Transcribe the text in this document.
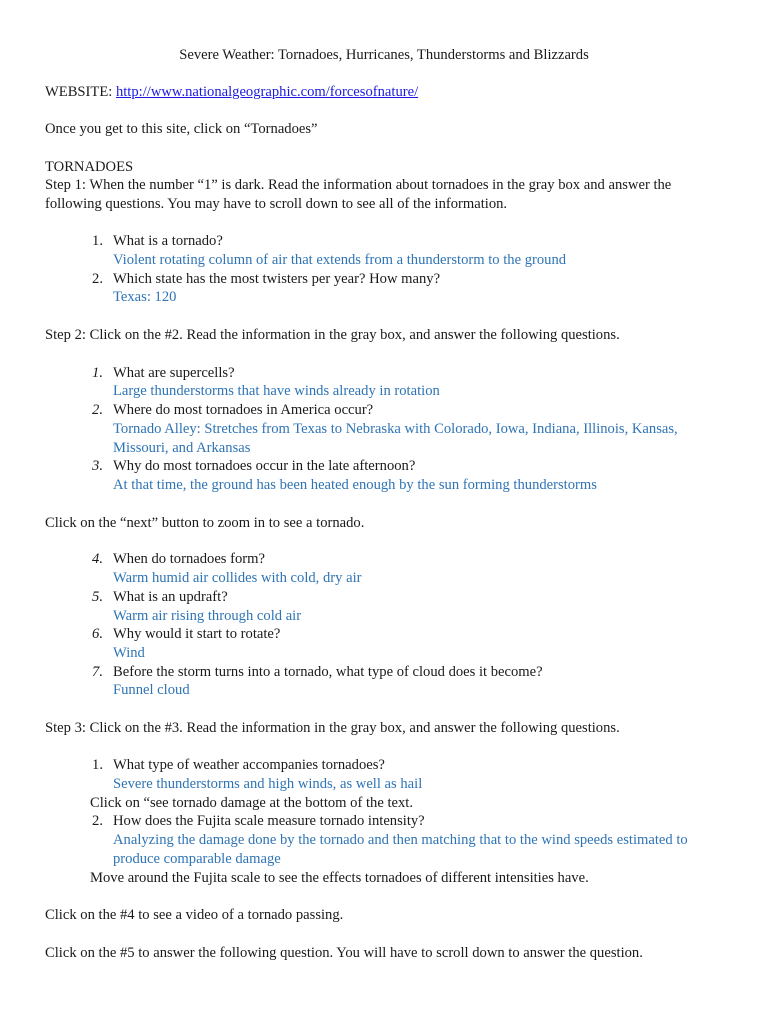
Severe Weather: Tornadoes, Hurricanes, Thunderstorms and Blizzards
WEBSITE: http://www.nationalgeographic.com/forcesofnature/
Once you get to this site, click on “Tornadoes”
TORNADOES
Step 1: When the number “1” is dark. Read the information about tornadoes in the gray box and answer the
following questions. You may have to scroll down to see all of the information.
1. What is a tornado?
Violent rotating column of air that extends from a thunderstorm to the ground
2. Which state has the most twisters per year? How many?
Texas: 120
Step 2: Click on the #2. Read the information in the gray box, and answer the following questions.
1. What are supercells?
Large thunderstorms that have winds already in rotation
2. Where do most tornadoes in America occur?
Tornado Alley: Stretches from Texas to Nebraska with Colorado, Iowa, Indiana, Illinois, Kansas,
Missouri, and Arkansas
3. Why do most tornadoes occur in the late afternoon?
At that time, the ground has been heated enough by the sun forming thunderstorms
Click on the “next” button to zoom in to see a tornado.
4. When do tornadoes form?
Warm humid air collides with cold, dry air
5. What is an updraft?
Warm air rising through cold air
6. Why would it start to rotate?
Wind
7. Before the storm turns into a tornado, what type of cloud does it become?
Funnel cloud
Step 3: Click on the #3. Read the information in the gray box, and answer the following questions.
1. What type of weather accompanies tornadoes?
Severe thunderstorms and high winds, as well as hail
Click on “see tornado damage at the bottom of the text.
2. How does the Fujita scale measure tornado intensity?
Analyzing the damage done by the tornado and then matching that to the wind speeds estimated to
produce comparable damage
Move around the Fujita scale to see the effects tornadoes of different intensities have.
Click on the #4 to see a video of a tornado passing.
Click on the #5 to answer the following question. You will have to scroll down to answer the question.
